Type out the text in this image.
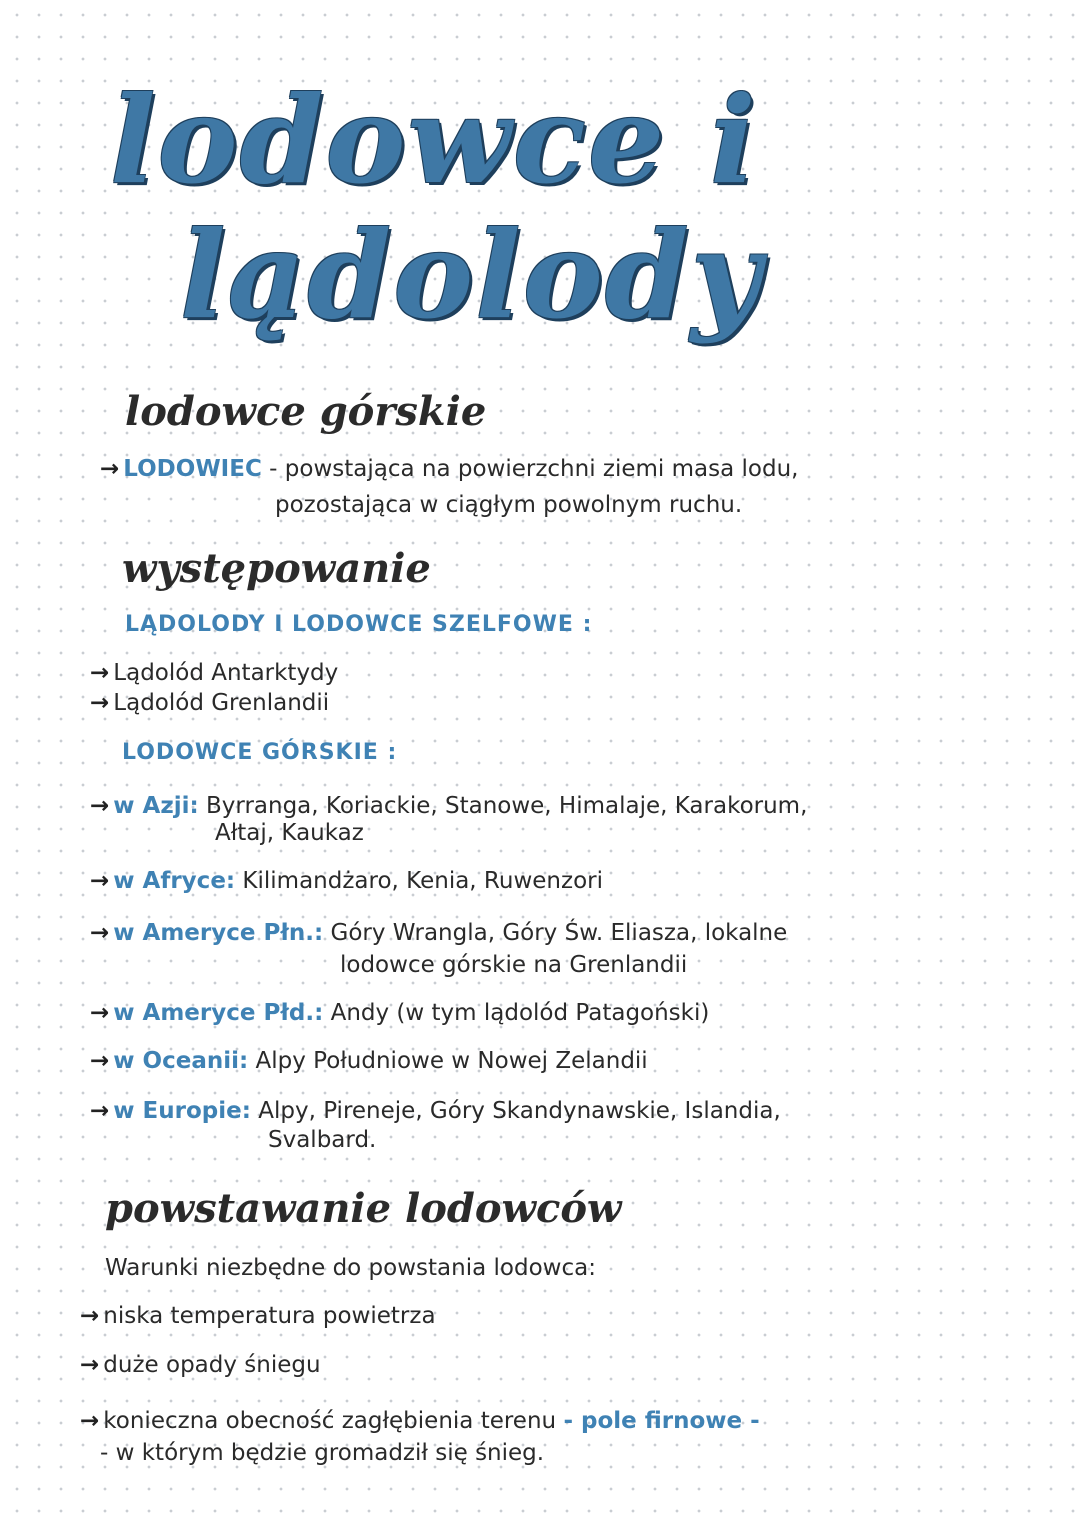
lodowce i
lądolody
lodowce górskie
→ LODOWIEC - powstająca na powierzchni ziemi masa lodu,
pozostająca w ciągłym powolnym ruchu.
występowanie
LĄDOLODY I LODOWCE SZELFOWE :
→ Lądolód Antarktydy
→ Lądolód Grenlandii
LODOWCE GÓRSKIE :
→ w Azji: Byrranga, Koriackie, Stanowe, Himalaje, Karakorum,
Ałtaj, Kaukaz
→ w Afryce: Kilimandżaro, Kenia, Ruwenzori
→ w Ameryce Płn.: Góry Wrangla, Góry Św. Eliasza, lokalne
lodowce górskie na Grenlandii
→ w Ameryce Płd.: Andy (w tym lądolód Patagoński)
→ w Oceanii: Alpy Południowe w Nowej Zelandii
→ w Europie: Alpy, Pireneje, Góry Skandynawskie, Islandia,
Svalbard.
powstawanie lodowców
Warunki niezbędne do powstania lodowca:
→ niska temperatura powietrza
→ duże opady śniegu
→ konieczna obecność zagłębienia terenu - pole firnowe -
- w którym będzie gromadził się śnieg.
